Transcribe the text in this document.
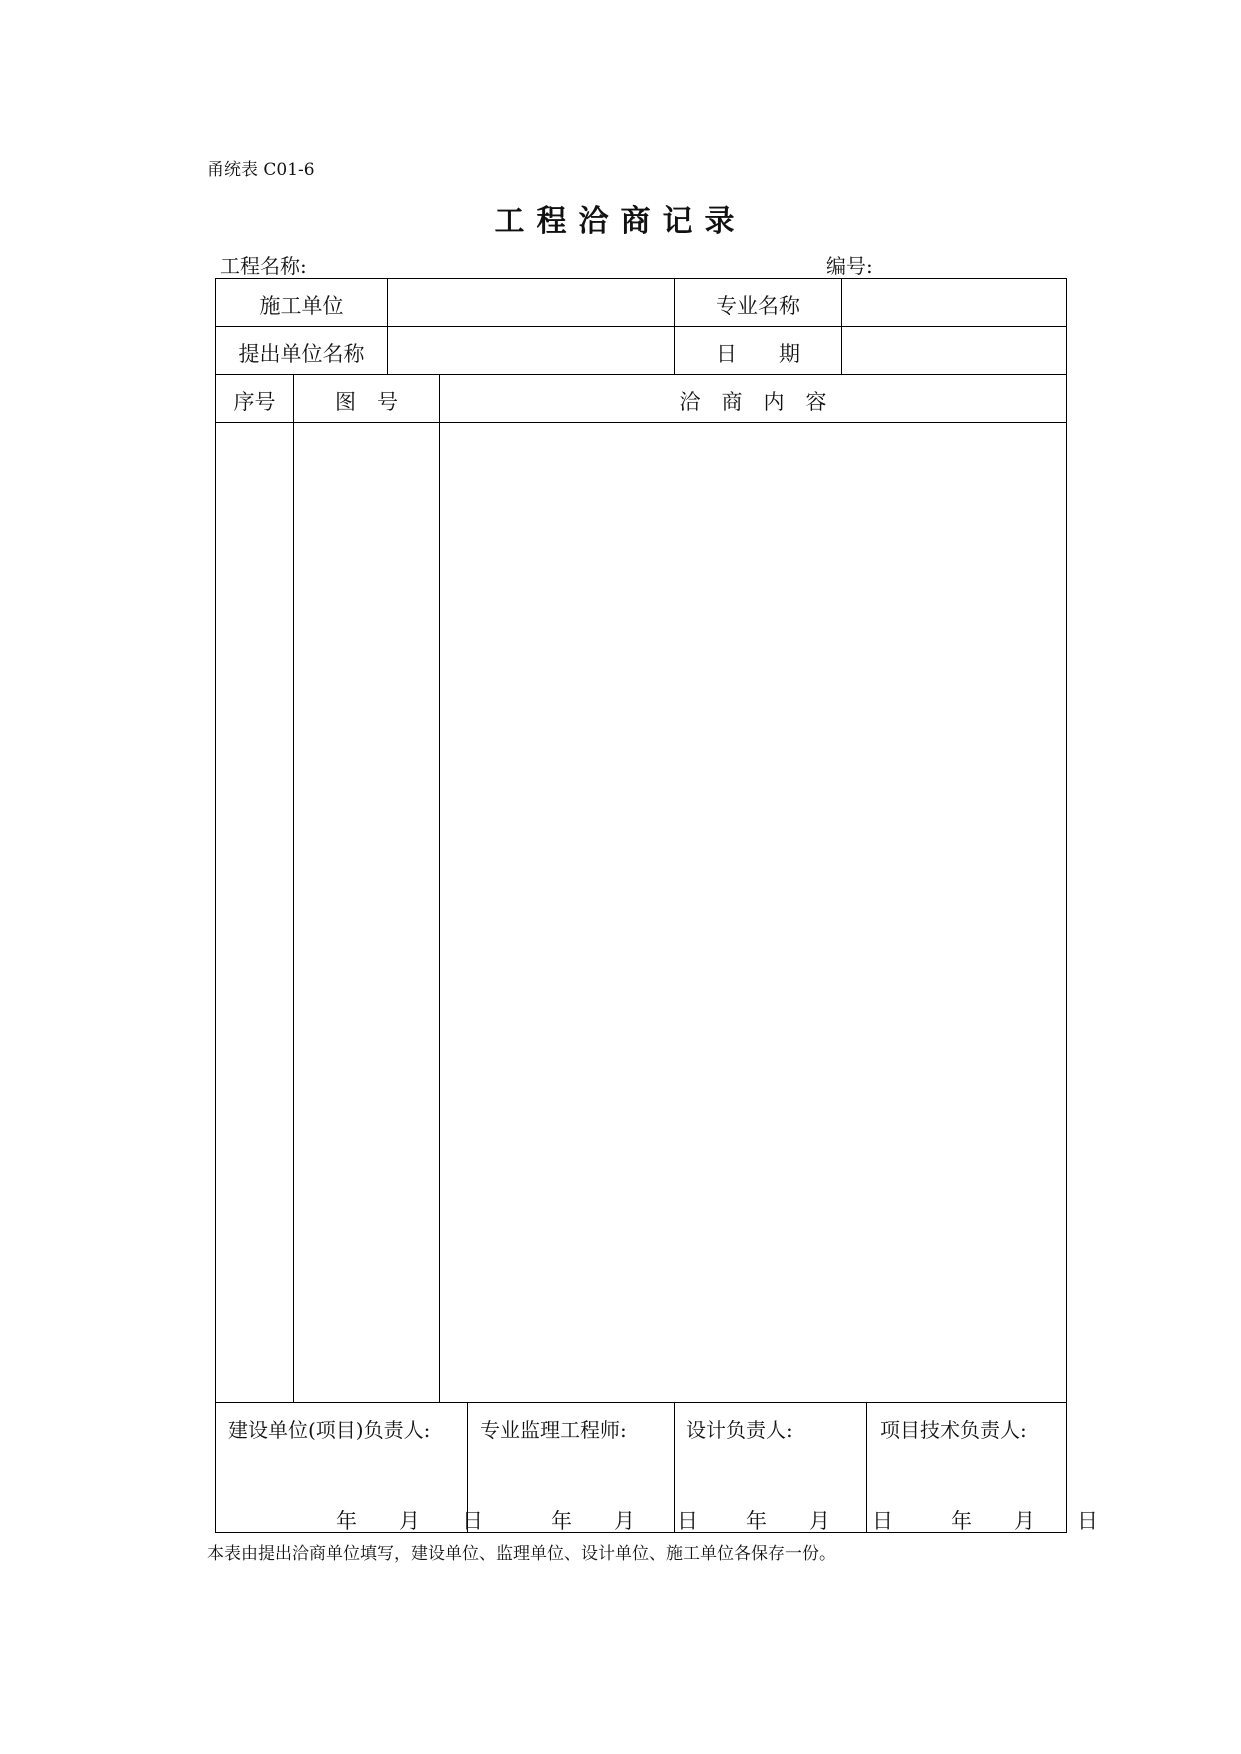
甬统表 C01-6
工程洽商记录
工程名称:	编号:
施工单位	专业名称
提出单位名称	日　　期
序号	图　号	洽　商　内　容
建设单位(项目)负责人:
年　　月　　日
专业监理工程师:
年　　月　　日
设计负责人:
年　　月　　日
项目技术负责人:
年　　月　　日
本表由提出洽商单位填写，建设单位、监理单位、设计单位、施工单位各保存一份。
